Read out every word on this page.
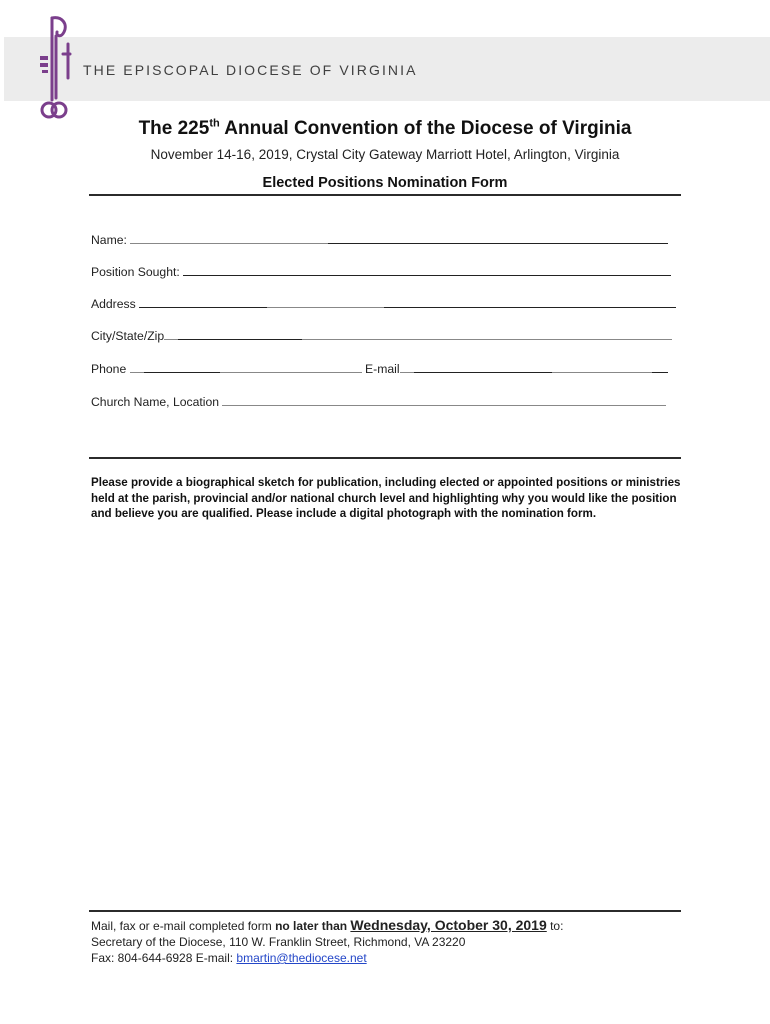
THE EPISCOPAL DIOCESE OF VIRGINIA
The 225th Annual Convention of the Diocese of Virginia
November 14-16, 2019, Crystal City Gateway Marriott Hotel, Arlington, Virginia
Elected Positions Nomination Form
Name:
Position Sought:
Address
City/State/Zip
Phone	E-mail
Church Name, Location
Please provide a biographical sketch for publication, including elected or appointed positions or ministries held at the parish, provincial and/or national church level and highlighting why you would like the position and believe you are qualified. Please include a digital photograph with the nomination form.
Mail, fax or e-mail completed form no later than Wednesday, October 30, 2019 to:
Secretary of the Diocese, 110 W. Franklin Street, Richmond, VA 23220
Fax: 804-644-6928 E-mail: bmartin@thediocese.net
